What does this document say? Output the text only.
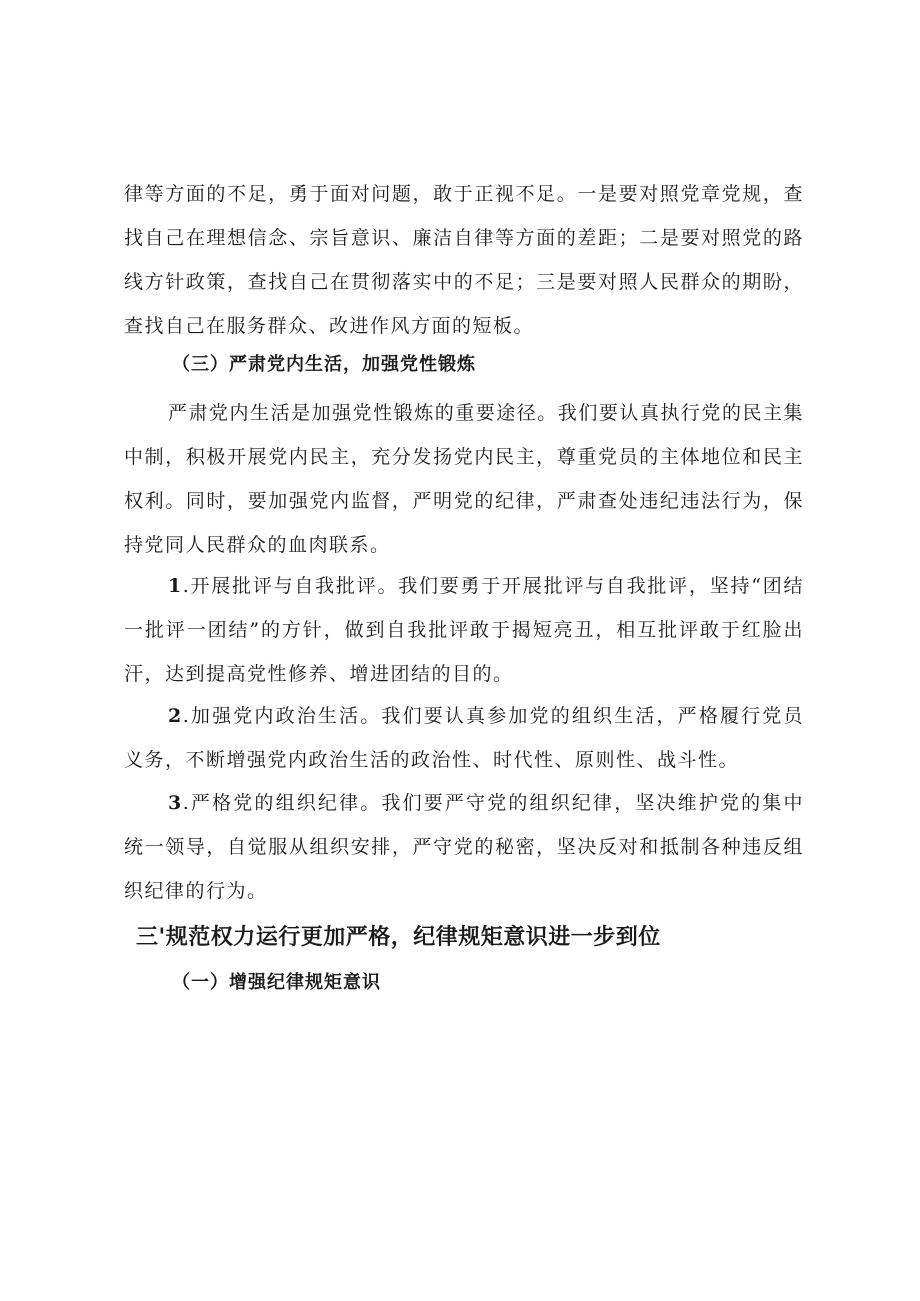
律等方面的不足，勇于面对问题，敢于正视不足。一是要对照党章党规，查找自己在理想信念、宗旨意识、廉洁自律等方面的差距；二是要对照党的路线方针政策，查找自己在贯彻落实中的不足；三是要对照人民群众的期盼，查找自己在服务群众、改进作风方面的短板。

（三）严肃党内生活，加强党性锻炼

严肃党内生活是加强党性锻炼的重要途径。我们要认真执行党的民主集中制，积极开展党内民主，充分发扬党内民主，尊重党员的主体地位和民主权利。同时，要加强党内监督，严明党的纪律，严肃查处违纪违法行为，保持党同人民群众的血肉联系。

1.开展批评与自我批评。我们要勇于开展批评与自我批评，坚持“团结一批评一团结”的方针，做到自我批评敢于揭短亮丑，相互批评敢于红脸出汗，达到提高党性修养、增进团结的目的。

2.加强党内政治生活。我们要认真参加党的组织生活，严格履行党员义务，不断增强党内政治生活的政治性、时代性、原则性、战斗性。

3.严格党的组织纪律。我们要严守党的组织纪律，坚决维护党的集中统一领导，自觉服从组织安排，严守党的秘密，坚决反对和抵制各种违反组织纪律的行为。

三'规范权力运行更加严格，纪律规矩意识进一步到位

（一）增强纪律规矩意识
